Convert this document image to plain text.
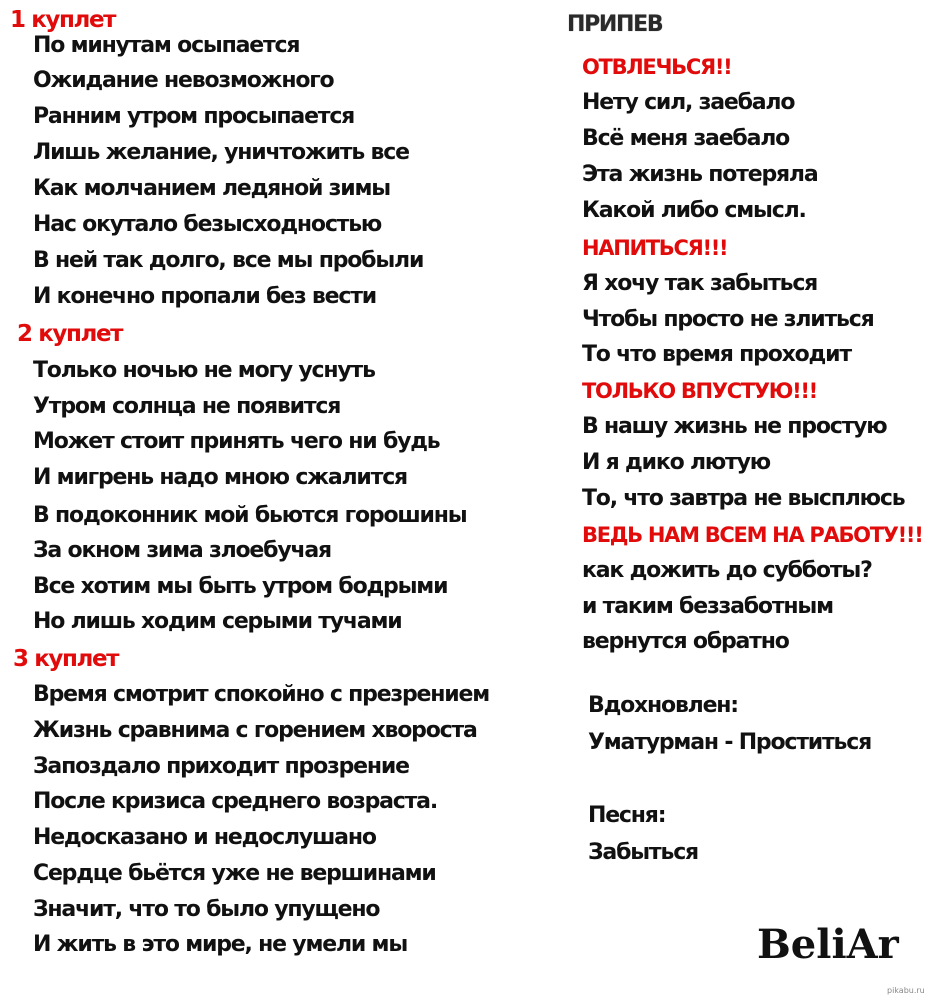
1 куплет
По минутам осыпается
Ожидание невозможного
Ранним утром просыпается
Лишь желание, уничтожить все
Как молчанием ледяной зимы
Нас окутало безысходностью
В ней так долго, все мы пробыли
И конечно пропали без вести
2 куплет
Только ночью не могу уснуть
Утром солнца не появится
Может стоит принять чего ни будь
И мигрень надо мною сжалится
В подоконник мой бьются горошины
За окном зима злоебучая
Все хотим мы быть утром бодрыми
Но лишь ходим серыми тучами
3 куплет
Время смотрит спокойно с презрением
Жизнь сравнима с горением хвороста
Запоздало приходит прозрение
После кризиса среднего возраста.
Недосказано и недослушано
Сердце бьётся уже не вершинами
Значит, что то было упущено
И жить в это мире, не умели мы
ПРИПЕВ
ОТВЛЕЧЬСЯ!!
Нету сил, заебало
Всё меня заебало
Эта жизнь потеряла
Какой либо смысл.
НАПИТЬСЯ!!!
Я хочу так забыться
Чтобы просто не злиться
То что время проходит
ТОЛЬКО ВПУСТУЮ!!!
В нашу жизнь не простую
И я дико лютую
То, что завтра не высплюсь
ВЕДЬ НАМ ВСЕМ НА РАБОТУ!!!
как дожить до субботы?
и таким беззаботным
вернутся обратно
Вдохновлен:
Уматурман - Проститься
Песня:
Забыться
BeliAr
pikabu.ru
